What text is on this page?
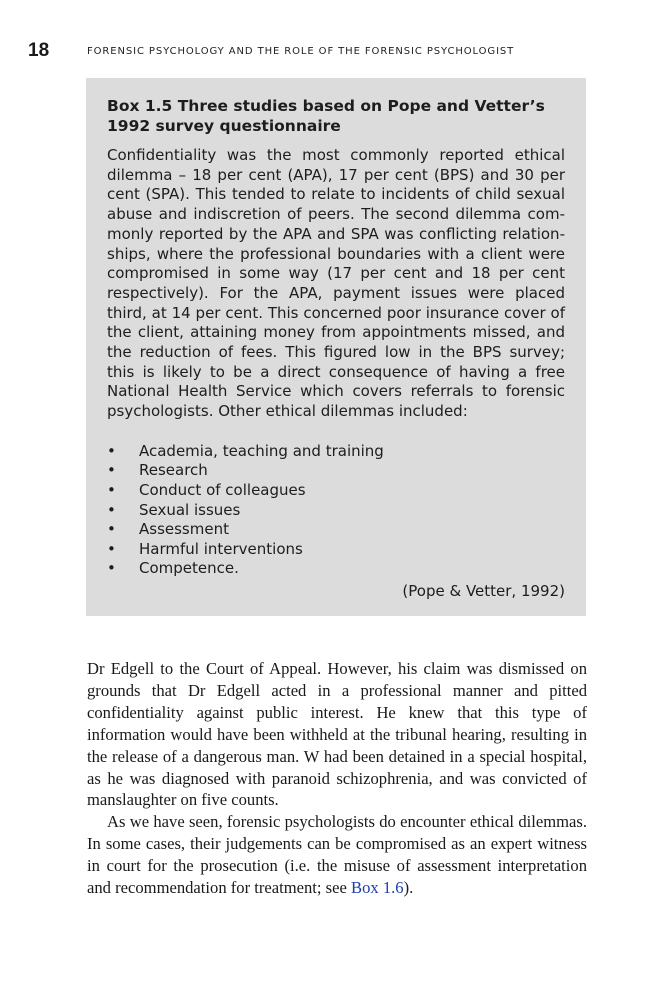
18	FORENSIC PSYCHOLOGY AND THE ROLE OF THE FORENSIC PSYCHOLOGIST
Box 1.5 Three studies based on Pope and Vetter’s
1992 survey questionnaire

Confidentiality was the most commonly reported ethical dilemma – 18 per cent (APA), 17 per cent (BPS) and 30 per cent (SPA). This tended to relate to incidents of child sexual abuse and indiscretion of peers. The second dilemma commonly reported by the APA and SPA was conflicting relationships, where the professional boundaries with a client were compromised in some way (17 per cent and 18 per cent respectively). For the APA, payment issues were placed third, at 14 per cent. This concerned poor insurance cover of the client, attaining money from appointments missed, and the reduction of fees. This figured low in the BPS survey; this is likely to be a direct consequence of having a free National Health Service which covers referrals to forensic psychologists. Other ethical dilemmas included:

• Academia, teaching and training
• Research
• Conduct of colleagues
• Sexual issues
• Assessment
• Harmful interventions
• Competence.
(Pope & Vetter, 1992)

Dr Edgell to the Court of Appeal. However, his claim was dismissed on grounds that Dr Edgell acted in a professional manner and pitted confidentiality against public interest. He knew that this type of information would have been withheld at the tribunal hearing, resulting in the release of a dangerous man. W had been detained in a special hospital, as he was diagnosed with paranoid schizophrenia, and was convicted of manslaughter on five counts.

As we have seen, forensic psychologists do encounter ethical dilemmas. In some cases, their judgements can be compromised as an expert witness in court for the prosecution (i.e. the misuse of assessment interpretation and recommendation for treatment; see Box 1.6).
